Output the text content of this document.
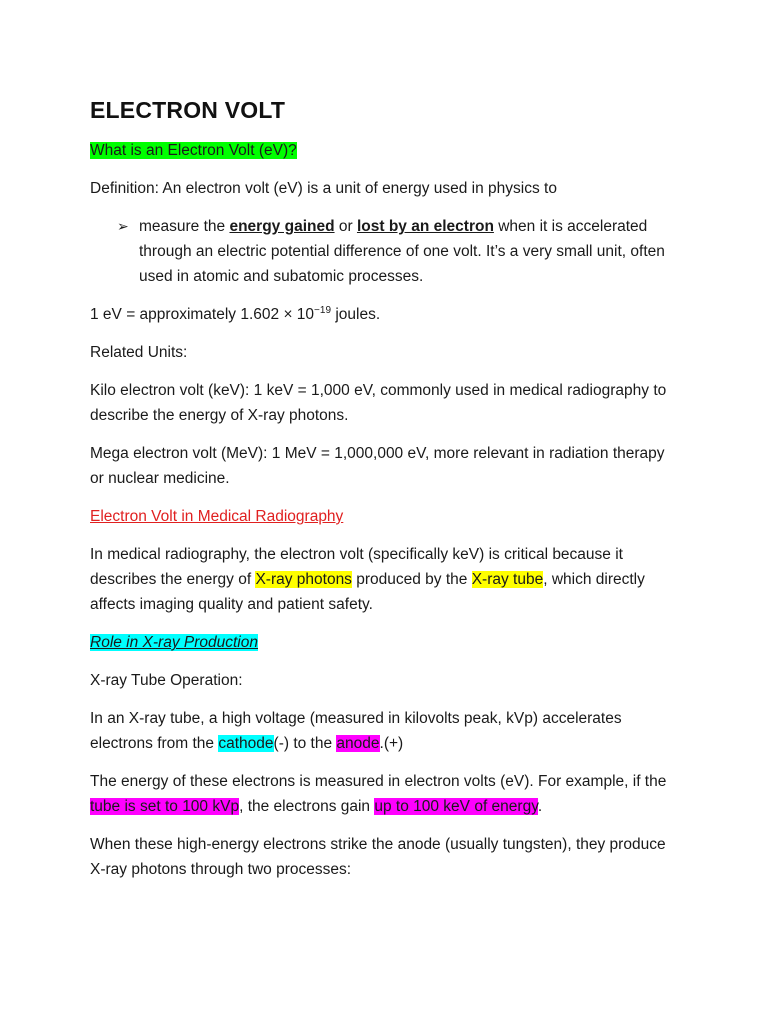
ELECTRON VOLT

What is an Electron Volt (eV)?

Definition: An electron volt (eV) is a unit of energy used in physics to

➢ measure the energy gained or lost by an electron when it is accelerated through an electric potential difference of one volt. It’s a very small unit, often used in atomic and subatomic processes.

1 eV = approximately $1.602 \times 10^{-19}$ joules.

Related Units:

Kilo electron volt (keV): 1 keV = 1,000 eV, commonly used in medical radiography to describe the energy of X-ray photons.

Mega electron volt (MeV): 1 MeV = 1,000,000 eV, more relevant in radiation therapy or nuclear medicine.

Electron Volt in Medical Radiography

In medical radiography, the electron volt (specifically keV) is critical because it describes the energy of X-ray photons produced by the X-ray tube, which directly affects imaging quality and patient safety.

Role in X-ray Production

X-ray Tube Operation:

In an X-ray tube, a high voltage (measured in kilovolts peak, kVp) accelerates electrons from the cathode(-) to the anode.(+)

The energy of these electrons is measured in electron volts (eV). For example, if the tube is set to 100 kVp, the electrons gain up to 100 keV of energy.

When these high-energy electrons strike the anode (usually tungsten), they produce X-ray photons through two processes:
